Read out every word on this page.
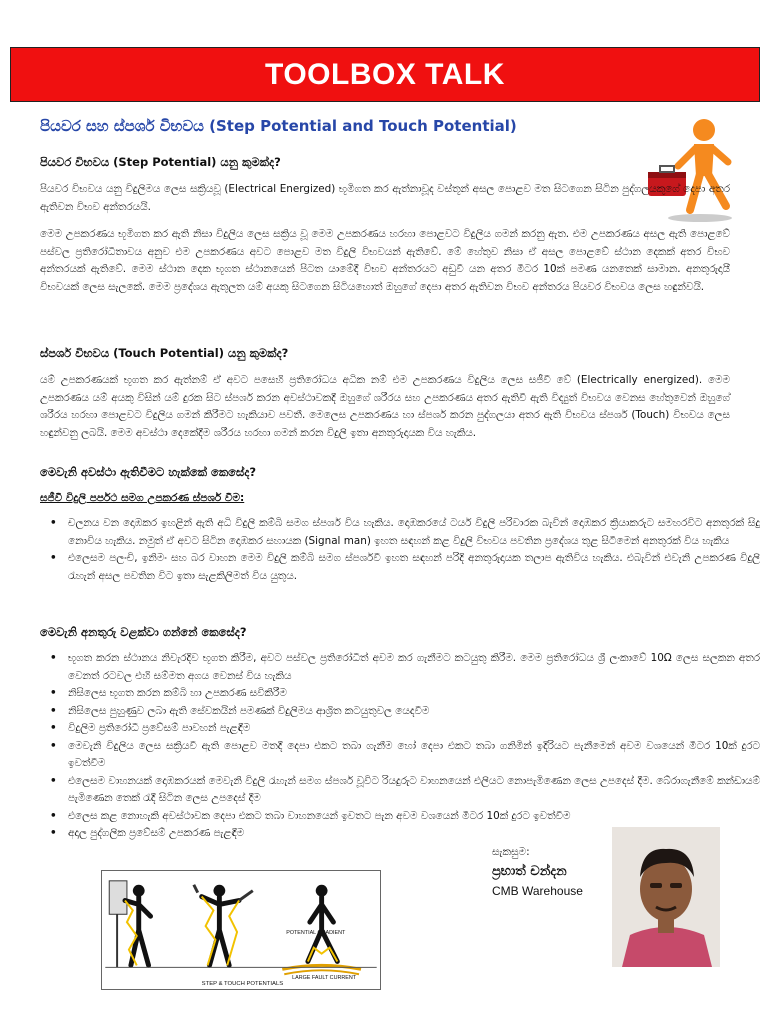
TOOLBOX TALK
පියවර සහ ස්පර්ශ විභවය (Step Potential and Touch Potential)
පියවර විභවය (Step Potential) යනු කුමක්ද?
පියවර විභවය යනු විදුලිමය ලෙස සක්‍රියවූ (Electrical Energized) භූමිගත කර ඇත්නාවූද වස්තූන් අසල පොළව මත සිටගෙන සිටින පුද්ගලයකුගේ දෙපා අතර ඇතිවන විභව අන්තරයයි.
මෙම උපකරණය භූමිගත කර ඇති නිසා විදුලිය ලෙස සක්‍රිය වූ මෙම උපකරණය හරහා පොළවට විදුලිය ගමන් කරනු ඇත. එම උපකරණය අසල ඇති පොළවේ පස්වල ප්‍රතිරෝධීතාවය අනුව එම උපකරණය අවට පොළව මත විදුලි විභවයන් ඇතිවේ. මේ හේතුව නිසා ඒ අසල පොළවේ ස්ථාන දෙකක් අතර විභව අන්තරයක් ඇතිවේ. මෙම ස්ථාන දෙක භූගත ස්ථානයෙන් පිටත යාමේදී විභව අන්තරයට අඩුවී යන අතර මීටර 10ක් පමණ යනතෙක් සාමාන. අනතුරුදායී විභවයක් ලෙස සැලකේ. මෙම ප්‍රදේශය ඇතුලත යම් අයකු සිටගෙන සිටියහොත් ඔහුගේ දෙපා අතර ඇතිවන විභව අන්තරය පියවර විභවය ලෙස හඳුන්වයි.
ස්පර්ශ විභවය (Touch Potential) යනු කුමක්ද?
යම් උපකරණයක් භූගත කර ඇත්නම් ඒ අවට පසෙහි ප්‍රතිරෝධය අධික නම් එම උපකරණය විදුලිය ලෙස සජීවී වේ (Electrically energized). මෙම උපකරණය යම් අයකු විසින් යම් දුරක සිට ස්පර්ශ කරන අවස්ථාවකදී ඔහුගේ ශරීරය සහ උපකරණය අතර ඇතිවී ඇති විද්‍යුත් විභවය වෙනස හේතුවෙන් ඔහුගේ ශරීරය හරහා පොළවට විදුලිය ගමන් කිරීමට හැකියාව පවතී. මෙලෙස උපකරණය හා ස්පර්ශ කරන පුද්ගලයා අතර ඇති විභවය ස්පර්ශ (Touch) විභවය ලෙස හඳුන්වනු ලබයි. මෙම අවස්ථා දෙකේදීම ශරීරය හරහා ගමන් කරන විදුලි ඉතා අනතුරුදායක විය හැකිය.
මෙවැනි අවස්ථා ඇතිවීමට හැක්කේ කෙසේද?
සජීවී විදුලි පර්පථ සමග උපකරණ ස්පර්ශ වීම:
• චලනය වන දොඹකර ඉහළින් ඇති අධි විදුලි කම්බි සමග ස්පර්ශ විය හැකිය. දොඹකරයේ ටයර් විදුලි පරිවාරක බැවින් දොඹකර ක්‍රියාකරුට සමහරවිට අනතුරක් සිදු නොවිය හැකිය. නමුත් ඒ අවට සිටින දොඹකර සහායක (Signal man) ඉහත සඳහන් කළ විදුලි විභවය පවතින ප්‍රදේශය තුළ සිටීමෙන් අනතුරක් විය හැකිය
• එලෙසම පලංචි, ඉනිමං සහ බර වාහන මෙම විදුලි කම්බි සමග ස්පර්ශවී ඉහත සඳහන් පරිදි අනතුරුදායක තලාප ඇතිවිය හැකිය. එබැවින් එවැනි උපකරණ විදුලි රැහැන් අසල පවතින විට ඉතා සැළකිලිමත් විය යුතුය.
මෙවැනි අනතුරු වළක්වා ගන්නේ කෙසේද?
• භූගත කරන ස්ථානය නිවැරදිව භූගත කිරීම, අවට පස්වල ප්‍රතිරෝධීත් අවම කර ගැනීමට කටයුතු කිරීම. මෙම ප්‍රතිරෝධය ශ්‍රී ලංකාවේ 10Ω ලෙස සලකන අතර වෙනත් රටවල එහි සම්මත අගය වෙනස් විය හැකිය
• නිසිලෙස භූගත කරන කම්බි හා උපකරණ සවිකිරීම
• නිසිලෙස පුහුණුව ලබා ඇති සේවකයින් පමණක් විදුලිමය ආශ්‍රිත කටයුතුවල යෙදවීම
• විදුලිම ප්‍රතිරෝධී ප්‍රවේසම් පාවහන් පැළඳීම
• මෙවැනි විදුලිය ලෙස සක්‍රියවී ඇති පොළව මතදී දෙපා එකට තබා ගැනීම හෝ දෙපා එකට තබා ගනිමින් ඉදිරියට පැනීමෙන් අවම වශයෙන් මීටර 10ක් දුරට ඉවත්වීම
• එලෙසම වාහනයක් දොඹකරයක් මෙවැනි විදුලි රැහැන් සමග ස්පර්ශ වූවිට රියදුරුට වාහනයෙන් එලියට නොපැමිණෙන ලෙස උපදෙස් දීම. බේරාගැනීමේ කන්ඩායම් පැමිණෙන තෙක් රැදී සිටින ලෙස උපදෙස් දීම
• එලෙස කළ නොහැකි අවස්ථාවක දෙපා එකට තබා වාහනයෙන් ඉවතට පැන අවම වශයෙන් මීටර 10ක් දුරට ඉවත්වීම
• අදාල පුද්ගලික ප්‍රවේසම් උපකරණ පැළඳීම
සැකසුම:
ප්‍රභාත් චන්දන
CMB Warehouse
POTENTIAL GRADIENT
LARGE FAULT CURRENT
STEP & TOUCH POTENTIALS
